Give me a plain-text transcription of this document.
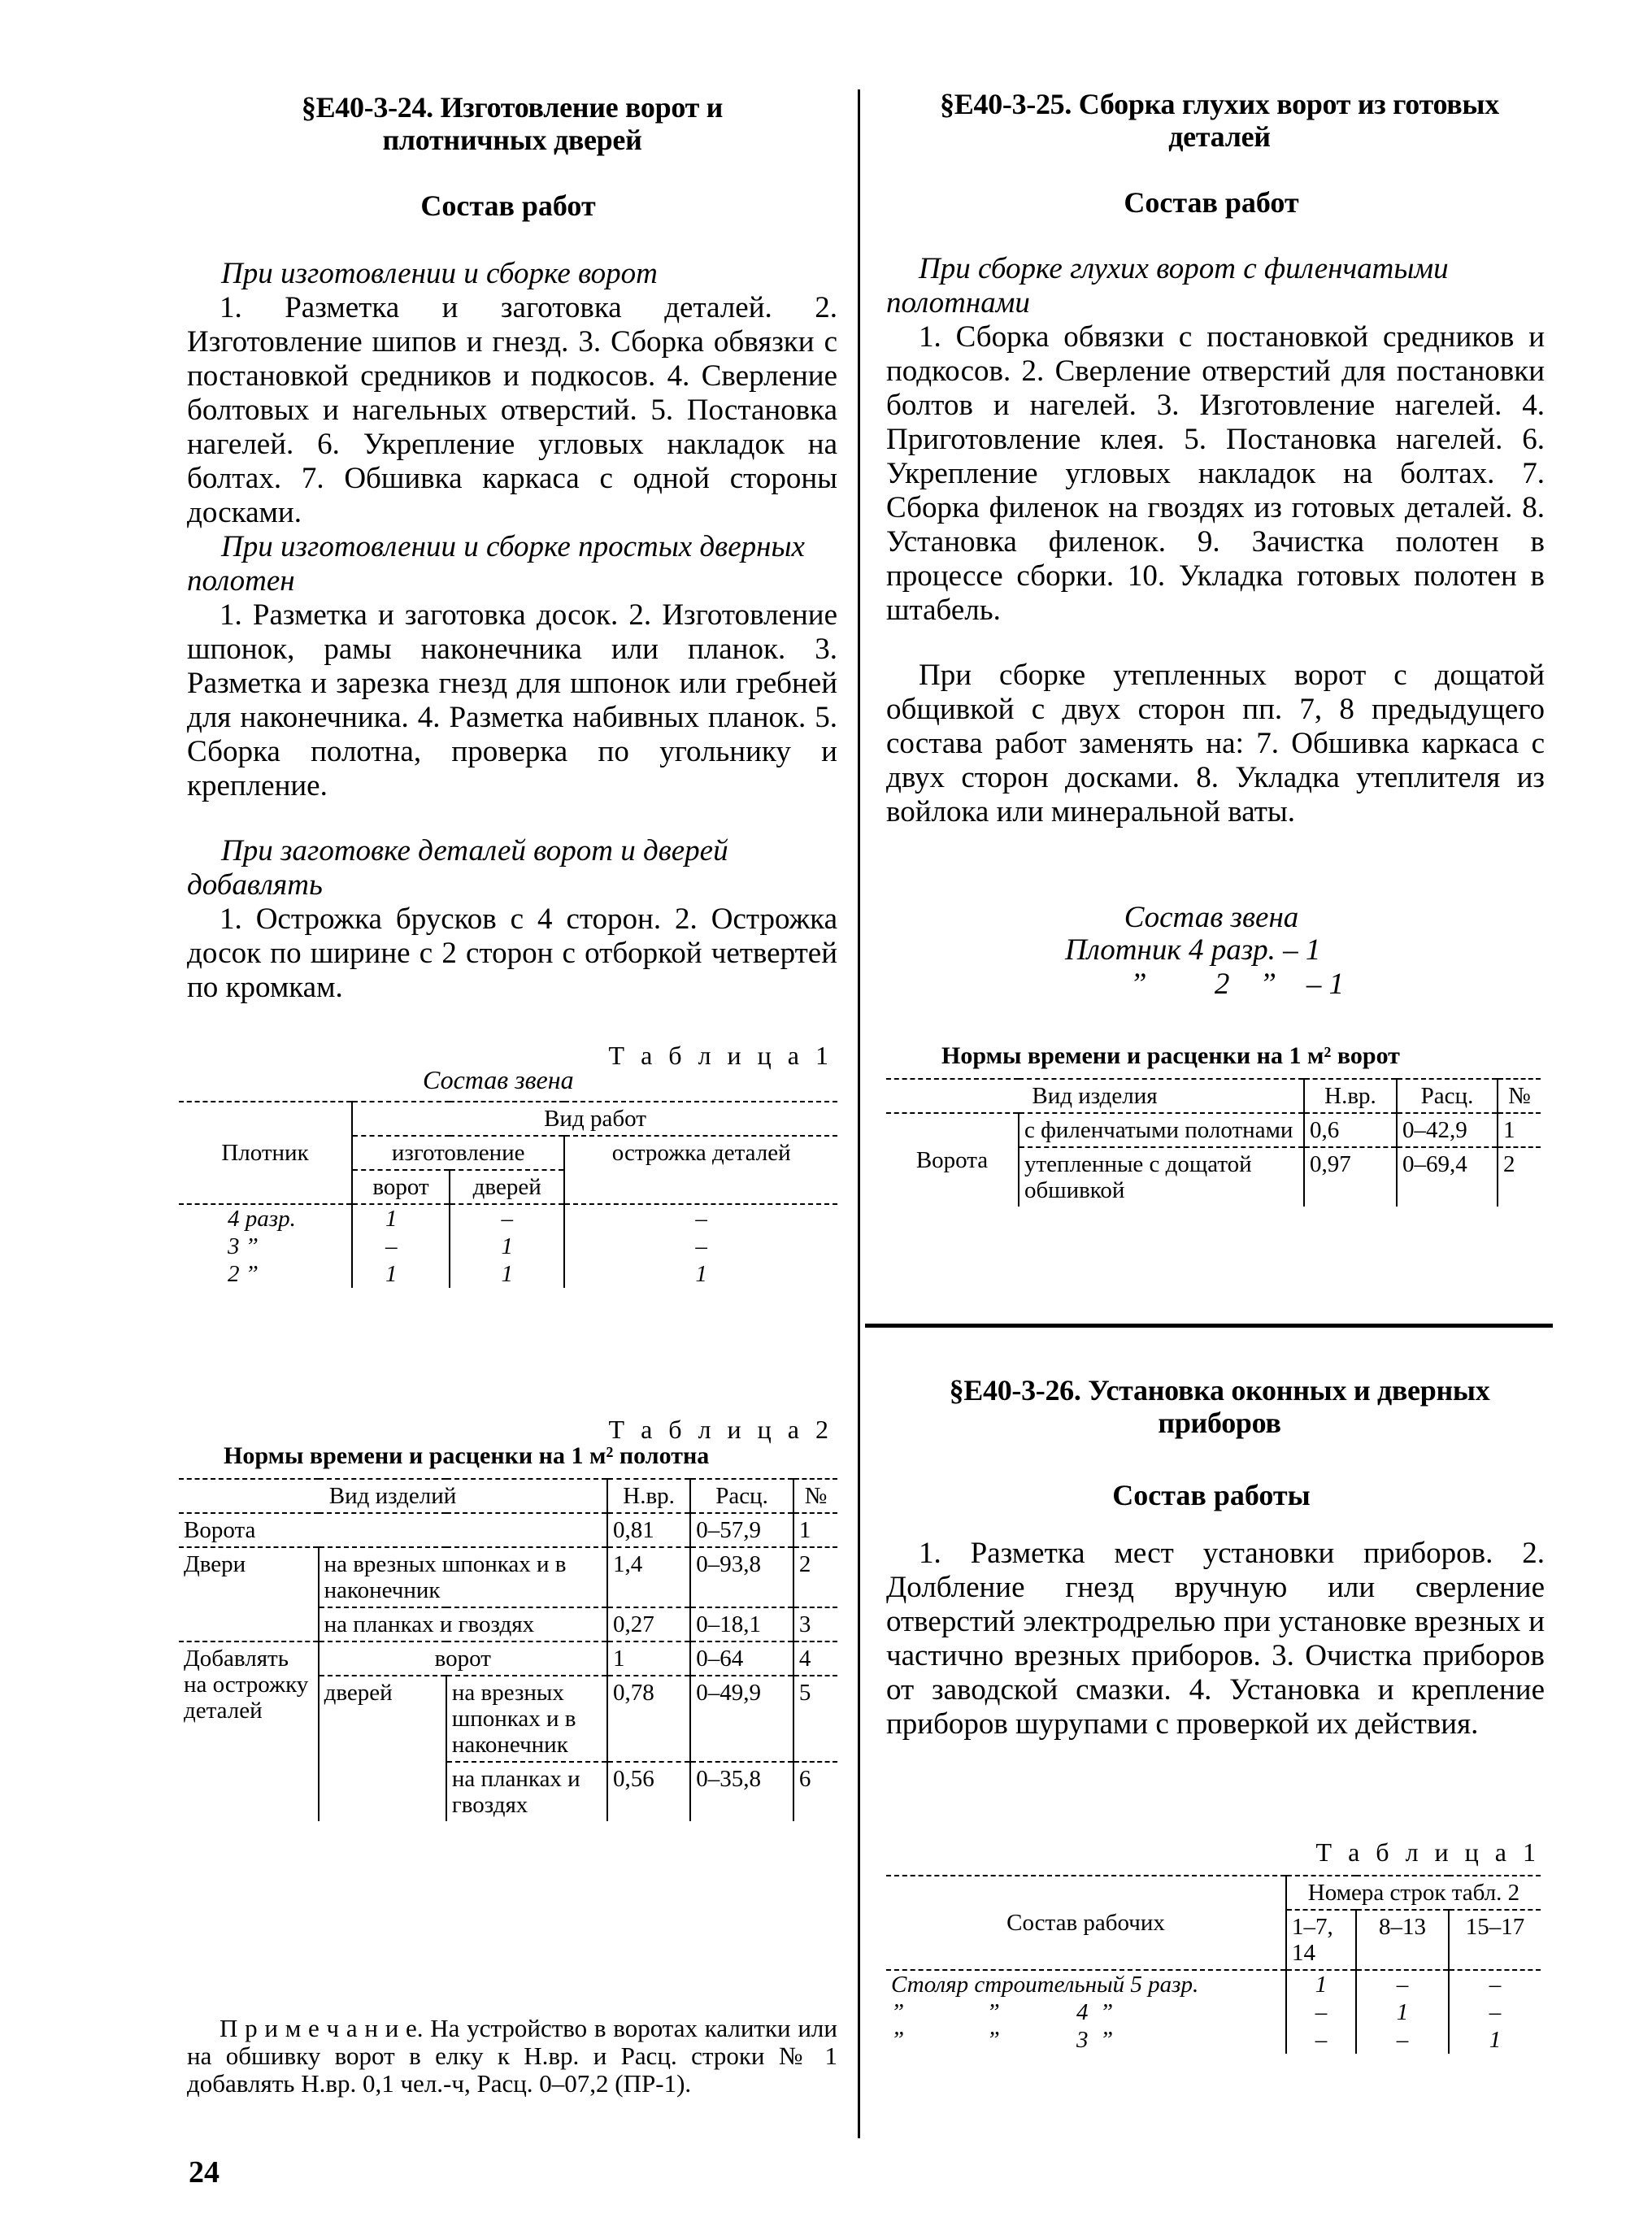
§E40-3-24. Изготовление ворот и плотничных дверей
Состав работ
При изготовлении и сборке ворот
1. Разметка и заготовка деталей. 2. Изготовление шипов и гнезд. 3. Сборка обвязки с постановкой средников и подкосов. 4. Сверление болтовых и нагельных отверстий. 5. Постановка нагелей. 6. Укрепление угловых накладок на болтах. 7. Обшивка каркаса с одной стороны досками.
При изготовлении и сборке простых дверных полотен
1. Разметка и заготовка досок. 2. Изготовление шпонок, рамы наконечника или планок. 3. Разметка и зарезка гнезд для шпонок или гребней для наконечника. 4. Разметка набивных планок. 5. Сборка полотна, проверка по угольнику и крепление.
При заготовке деталей ворот и дверей добавлять
1. Острожка брусков с 4 сторон. 2. Острожка досок по ширине с 2 сторон с отборкой четвертей по кромкам.
Т а б л и ц а 1
Состав звена
Плотник	Вид работ		
	изготовление		острожка деталей
	ворот	дверей	
4 разр.	1	–	–
3 ”	–	1	–
2 ”	1	1	1
Т а б л и ц а 2
Нормы времени и расценки на 1 м² полотна
Вид изделий			Н.вр.	Расц.	№
Ворота			0,81	0–57,9	1
Двери	на врезных шпонках и в наконечник		1,4	0–93,8	2
	на планках и гвоздях		0,27	0–18,1	3
Добавлять на острожку деталей	ворот		1	0–64	4
	дверей	на врезных шпонках и в наконечник	0,78	0–49,9	5
		на планках и гвоздях	0,56	0–35,8	6
П р и м е ч а н и е. На устройство в воротах калитки или на обшивку ворот в елку к Н.вр. и Расц. строки № 1 добавлять Н.вр. 0,1 чел.-ч, Расц. 0–07,2 (ПР-1).
24
§E40-3-25. Сборка глухих ворот из готовых деталей
Состав работ
При сборке глухих ворот с филенчатыми полотнами
1. Сборка обвязки с постановкой средников и подкосов. 2. Сверление отверстий для постановки болтов и нагелей. 3. Изготовление нагелей. 4. Приготовление клея. 5. Постановка нагелей. 6. Укрепление угловых накладок на болтах. 7. Сборка филенок на гвоздях из готовых деталей. 8. Установка филенок. 9. Зачистка полотен в процессе сборки. 10. Укладка готовых полотен в штабель.
При сборке утепленных ворот с дощатой общивкой с двух сторон пп. 7, 8 предыдущего состава работ заменять на: 7. Обшивка каркаса с двух сторон досками. 8. Укладка утеплителя из войлока или минеральной ваты.
Состав звена
Плотник 4 разр. – 1
”         2    ”    – 1
Нормы времени и расценки на 1 м² ворот
Вид изделия		Н.вр.	Расц.	№
Ворота	с филенчатыми полотнами	0,6	0–42,9	1
	утепленные с дощатой обшивкой	0,97	0–69,4	2
§E40-3-26. Установка оконных и дверных приборов
Состав работы
1. Разметка мест установки приборов. 2. Долбление гнезд вручную или сверление отверстий электродрелью при установке врезных и частично врезных приборов. 3. Очистка приборов от заводской смазки. 4. Установка и крепление приборов шурупами с проверкой их действия.
Т а б л и ц а 1
Состав рабочих	Номера строк табл. 2		
	1–7, 14	8–13	15–17
Столяр строительный 5 разр.	1	–	–
”              ”             4  ”	–	1	–
”              ”             3  ”	–	–	1
